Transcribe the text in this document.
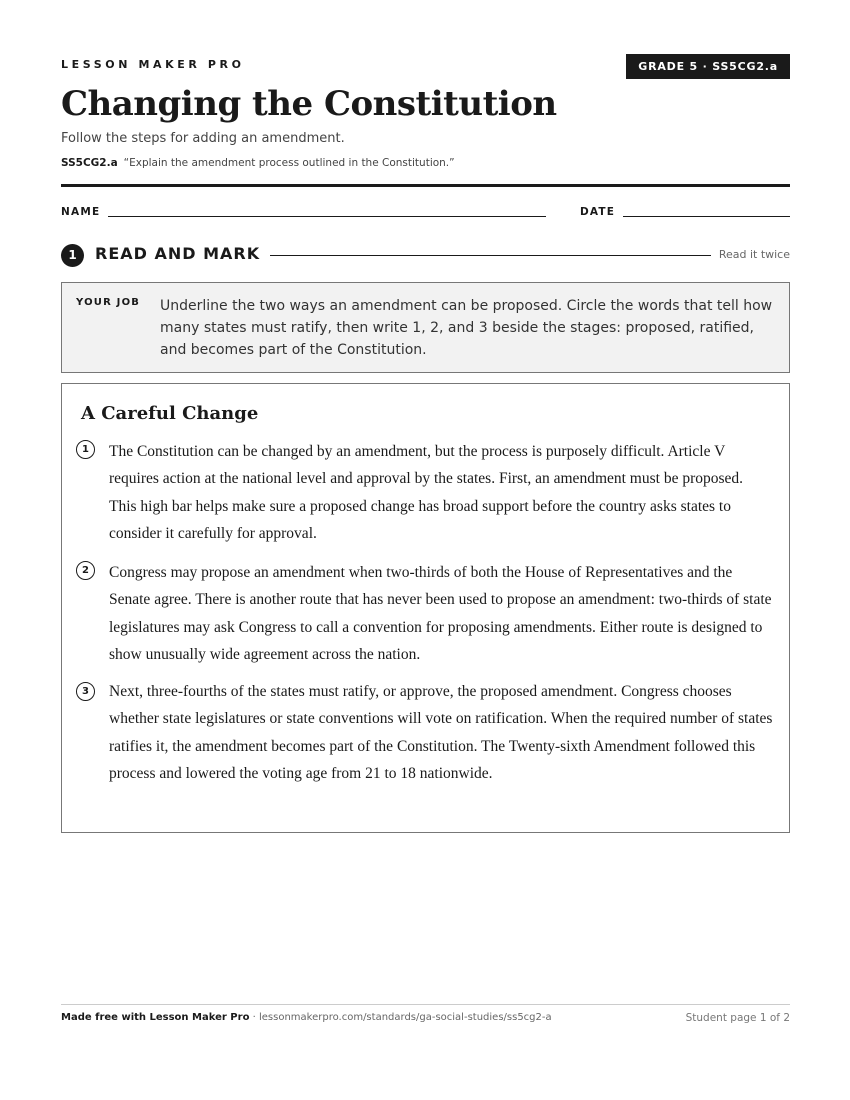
LESSON MAKER PRO	GRADE 5 · SS5CG2.a
Changing the Constitution
Follow the steps for adding an amendment.
SS5CG2.a “Explain the amendment process outlined in the Constitution.”
NAME	DATE
1	READ AND MARK	Read it twice
YOUR JOB Underline the two ways an amendment can be proposed. Circle the words that tell how many states must ratify, then write 1, 2, and 3 beside the stages: proposed, ratified, and becomes part of the Constitution.
A Careful Change
1	The Constitution can be changed by an amendment, but the process is purposely difficult. Article V requires action at the national level and approval by the states. First, an amendment must be proposed. This high bar helps make sure a proposed change has broad support before the country asks states to consider it carefully for approval.
2	Congress may propose an amendment when two-thirds of both the House of Representatives and the Senate agree. There is another route that has never been used to propose an amendment: two-thirds of state legislatures may ask Congress to call a convention for proposing amendments. Either route is designed to show unusually wide agreement across the nation.
3	Next, three-fourths of the states must ratify, or approve, the proposed amendment. Congress chooses whether state legislatures or state conventions will vote on ratification. When the required number of states ratifies it, the amendment becomes part of the Constitution. The Twenty-sixth Amendment followed this process and lowered the voting age from 21 to 18 nationwide.
Made free with Lesson Maker Pro · lessonmakerpro.com/standards/ga-social-studies/ss5cg2-a	Student page 1 of 2
